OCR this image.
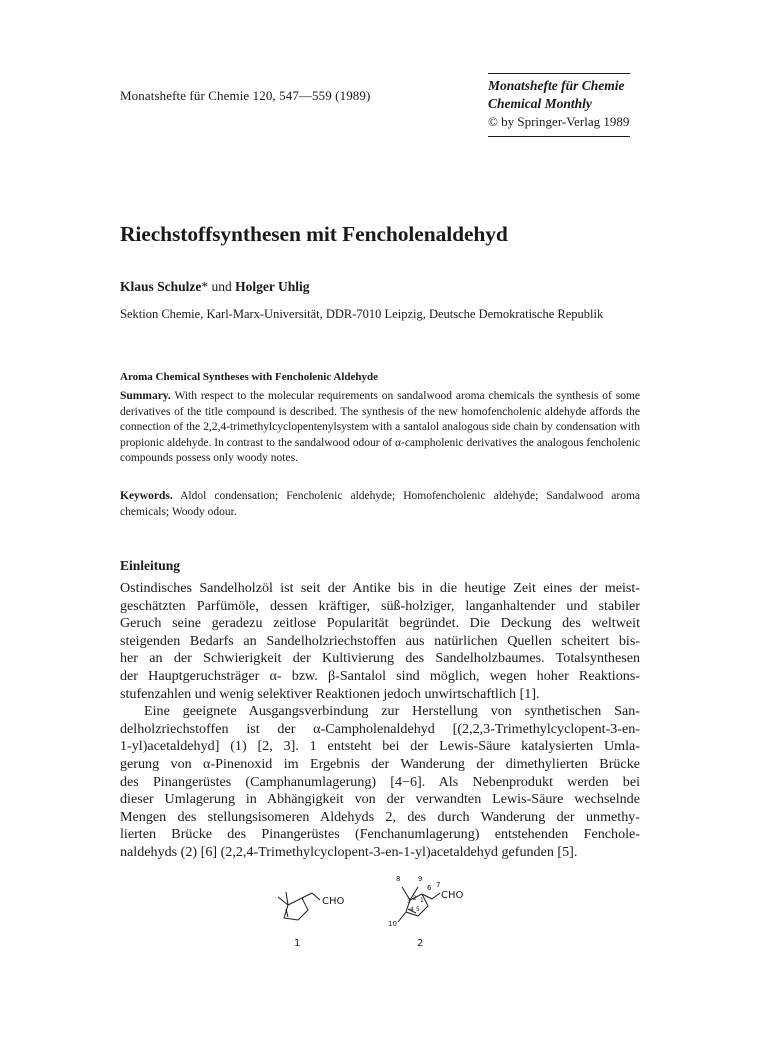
Monatshefte für Chemie 120, 547—559 (1989)
Monatshefte für Chemie
Chemical Monthly
© by Springer-Verlag 1989
Riechstoffsynthesen mit Fencholenaldehyd
Klaus Schulze* und Holger Uhlig
Sektion Chemie, Karl-Marx-Universität, DDR-7010 Leipzig, Deutsche Demokratische Republik
Aroma Chemical Syntheses with Fencholenic Aldehyde

Summary. With respect to the molecular requirements on sandalwood aroma chemicals the synthesis of some derivatives of the title compound is described. The synthesis of the new homofencholenic aldehyde affords the connection of the 2,2,4-trimethylcyclopentenylsystem with a santalol analogous side chain by condensation with propionic aldehyde. In contrast to the sandalwood odour of α-campholenic derivatives the analogous fencholenic compounds possess only woody notes.

Keywords. Aldol condensation; Fencholenic aldehyde; Homofencholenic aldehyde; Sandalwood aroma chemicals; Woody odour.

Einleitung
Ostindisches Sandelholzöl ist seit der Antike bis in die heutige Zeit eines der meist-
geschätzten Parfümöle, dessen kräftiger, süß-holziger, langanhaltender und stabiler
Geruch seine geradezu zeitlose Popularität begründet. Die Deckung des weltweit
steigenden Bedarfs an Sandelholzriechstoffen aus natürlichen Quellen scheitert bis-
her an der Schwierigkeit der Kultivierung des Sandelholzbaumes. Totalsynthesen
der Hauptgeruchsträger α- bzw. β-Santalol sind möglich, wegen hoher Reaktions-
stufenzahlen und wenig selektiver Reaktionen jedoch unwirtschaftlich [1].
Eine geeignete Ausgangsverbindung zur Herstellung von synthetischen San-
delholzriechstoffen ist der α-Campholenaldehyd [(2,2,3-Trimethylcyclopent-3-en-
1-yl)acetaldehyd] (1) [2, 3]. 1 entsteht bei der Lewis-Säure katalysierten Umla-
gerung von α-Pinenoxid im Ergebnis der Wanderung der dimethylierten Brücke
des Pinangerüstes (Camphanumlagerung) [4−6]. Als Nebenprodukt werden bei
dieser Umlagerung in Abhängigkeit von der verwandten Lewis-Säure wechselnde
Mengen des stellungsisomeren Aldehyds 2, des durch Wanderung der unmethy-
lierten Brücke des Pinangerüstes (Fenchanumlagerung) entstehenden Fenchole-
naldehyds (2) [6] (2,2,4-Trimethylcyclopent-3-en-1-yl)acetaldehyd gefunden [5].
CHO
1
CHO
8	9
6 7
10
3 2 1
4 5
2
